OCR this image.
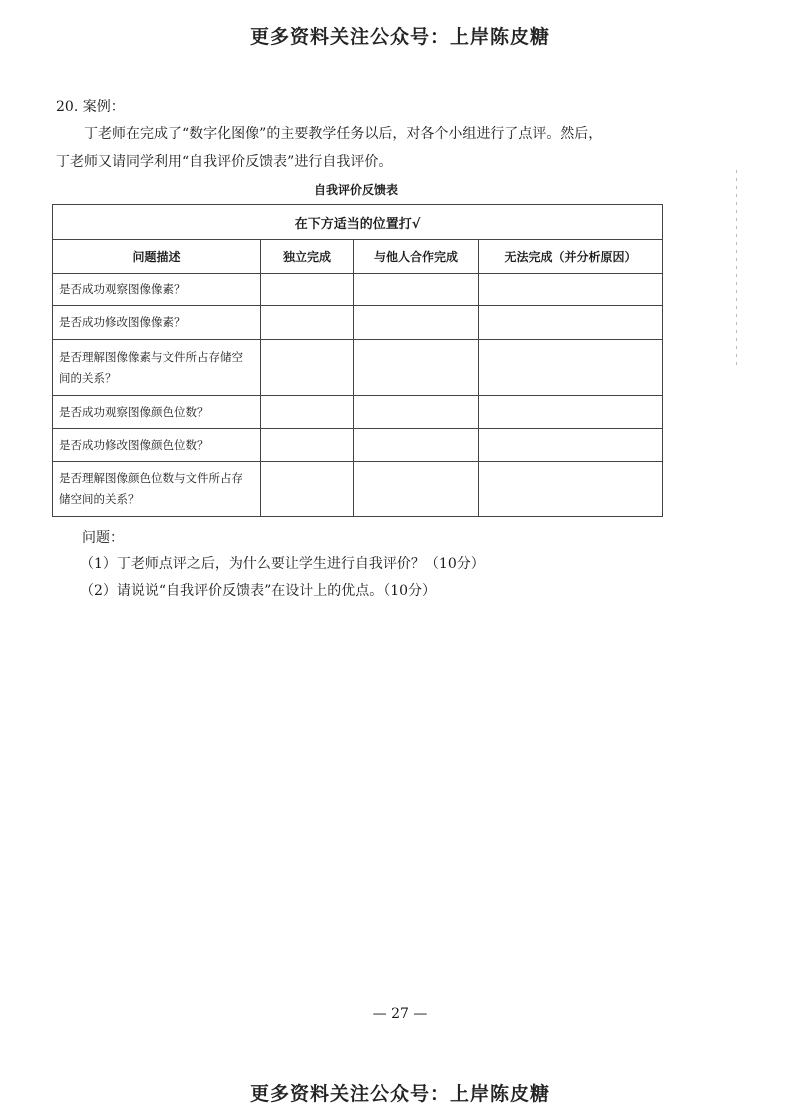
更多资料关注公众号：上岸陈皮糖
20. 案例：
丁老师在完成了“数字化图像”的主要教学任务以后，对各个小组进行了点评。然后，
丁老师又请同学利用“自我评价反馈表”进行自我评价。
自我评价反馈表
在下方适当的位置打√			
问题描述	独立完成	与他人合作完成	无法完成（并分析原因）
是否成功观察图像像素？			
是否成功修改图像像素？			
是否理解图像像素与文件所占存储空间的关系？			
是否成功观察图像颜色位数？			
是否成功修改图像颜色位数？			
是否理解图像颜色位数与文件所占存储空间的关系？			
问题：
（1）丁老师点评之后，为什么要让学生进行自我评价？（10分）
（2）请说说“自我评价反馈表”在设计上的优点。（10分）
— 27 —
更多资料关注公众号：上岸陈皮糖
